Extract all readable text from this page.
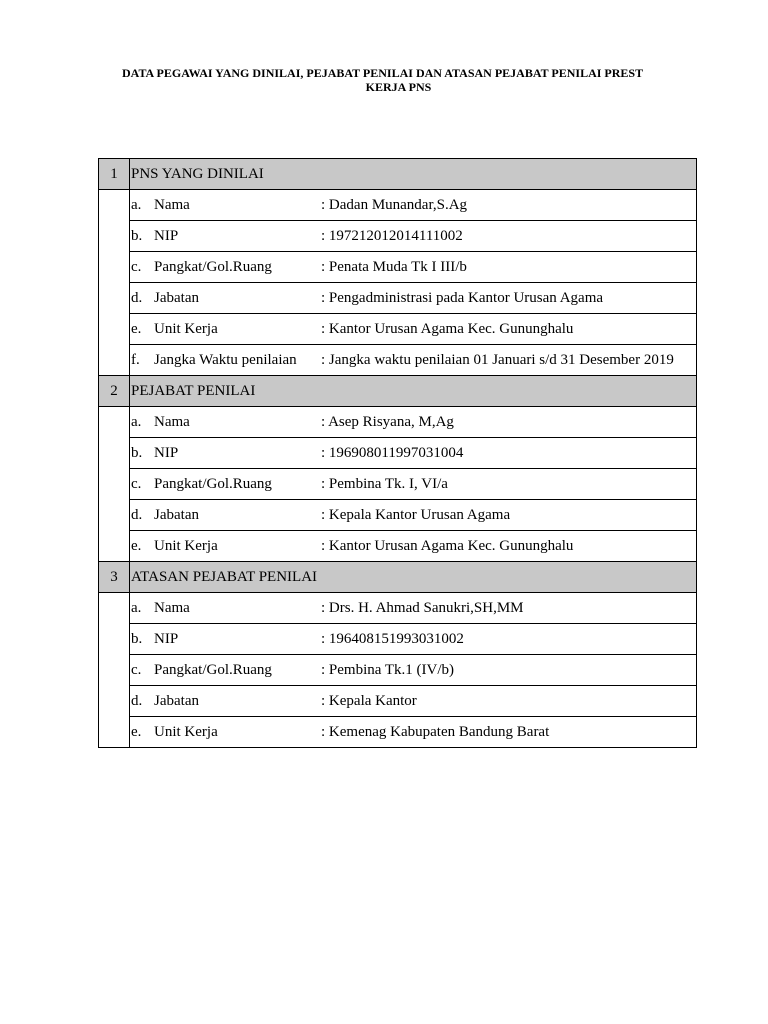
DATA PEGAWAI YANG DINILAI, PEJABAT PENILAI DAN ATASAN PEJABAT PENILAI PREST
KERJA PNS
1	PNS YANG DINILAI
	a. Nama : Dadan Munandar,S.Ag
	b. NIP : 197212012014111002
	c. Pangkat/Gol.Ruang : Penata Muda Tk I III/b
	d. Jabatan : Pengadministrasi pada Kantor Urusan Agama
	e. Unit Kerja : Kantor Urusan Agama Kec. Gununghalu
	f. Jangka Waktu penilaian : Jangka waktu penilaian 01 Januari s/d 31 Desember 2019
2	PEJABAT PENILAI
	a. Nama : Asep Risyana, M,Ag
	b. NIP : 196908011997031004
	c. Pangkat/Gol.Ruang : Pembina Tk. I, VI/a
	d. Jabatan : Kepala Kantor Urusan Agama
	e. Unit Kerja : Kantor Urusan Agama Kec. Gununghalu
3	ATASAN PEJABAT PENILAI
	a. Nama : Drs. H. Ahmad Sanukri,SH,MM
	b. NIP : 196408151993031002
	c. Pangkat/Gol.Ruang : Pembina Tk.1 (IV/b)
	d. Jabatan : Kepala Kantor
	e. Unit Kerja : Kemenag Kabupaten Bandung Barat
